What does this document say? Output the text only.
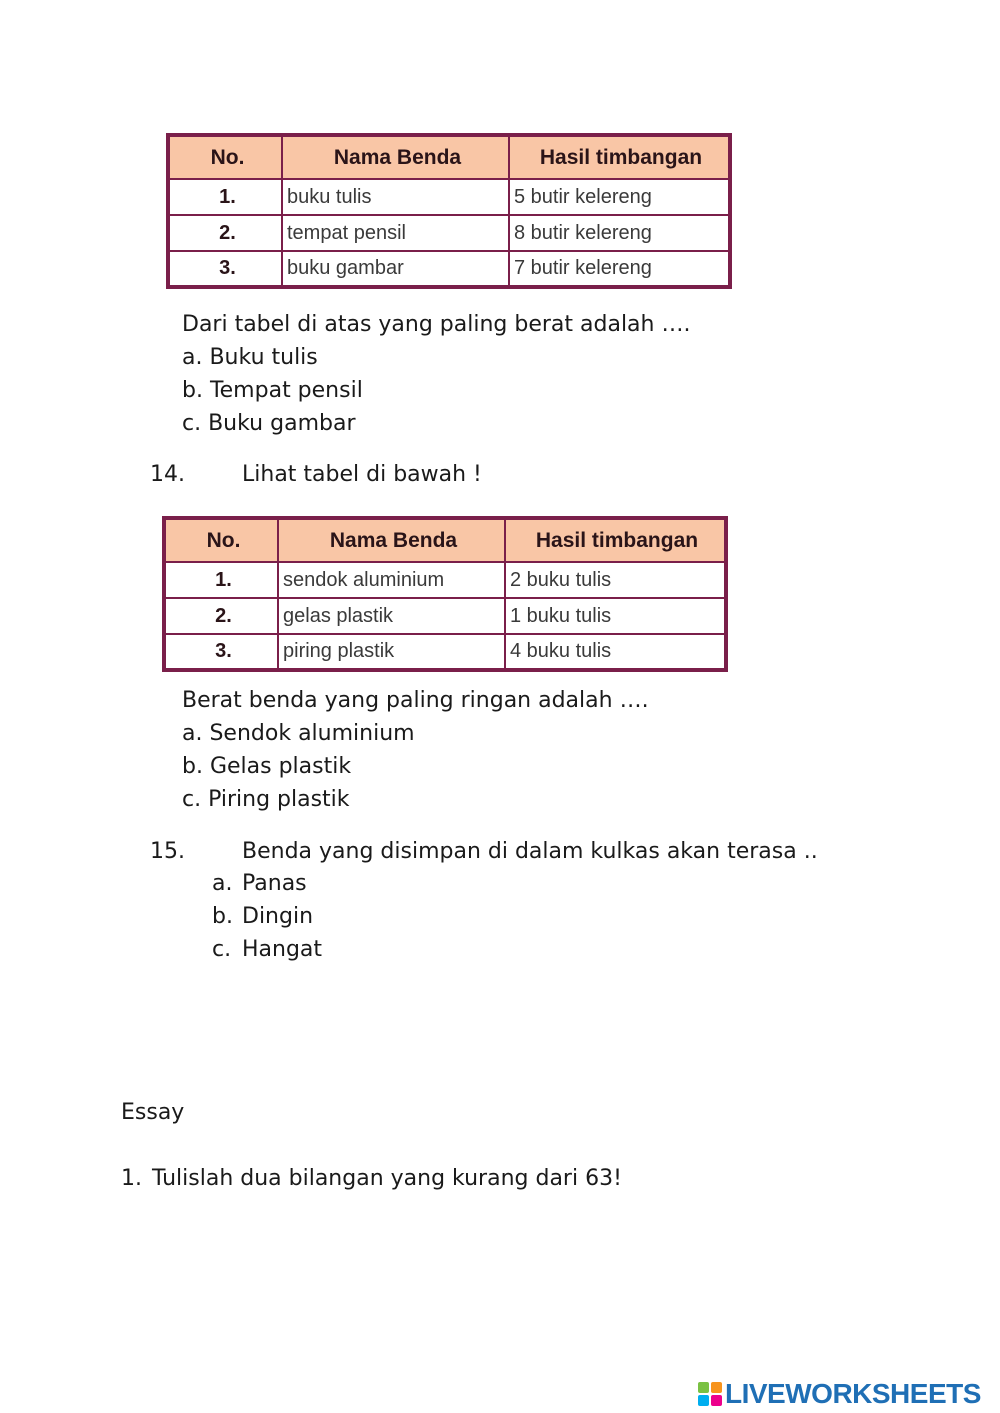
No.	Nama Benda	Hasil timbangan
1.	buku tulis	5 butir kelereng
2.	tempat pensil	8 butir kelereng
3.	buku gambar	7 butir kelereng
Dari tabel di atas yang paling berat adalah ….
a. Buku tulis
b. Tempat pensil
c. Buku gambar
14.	Lihat tabel di bawah !
No.	Nama Benda	Hasil timbangan
1.	sendok aluminium	2 buku tulis
2.	gelas plastik	1 buku tulis
3.	piring plastik	4 buku tulis
Berat benda yang paling ringan adalah ….
a. Sendok aluminium
b. Gelas plastik
c. Piring plastik
15.	Benda yang disimpan di dalam kulkas akan terasa ..
a. Panas
b. Dingin
c. Hangat
Essay
1. Tulislah dua bilangan yang kurang dari 63!
LIVEWORKSHEETS
